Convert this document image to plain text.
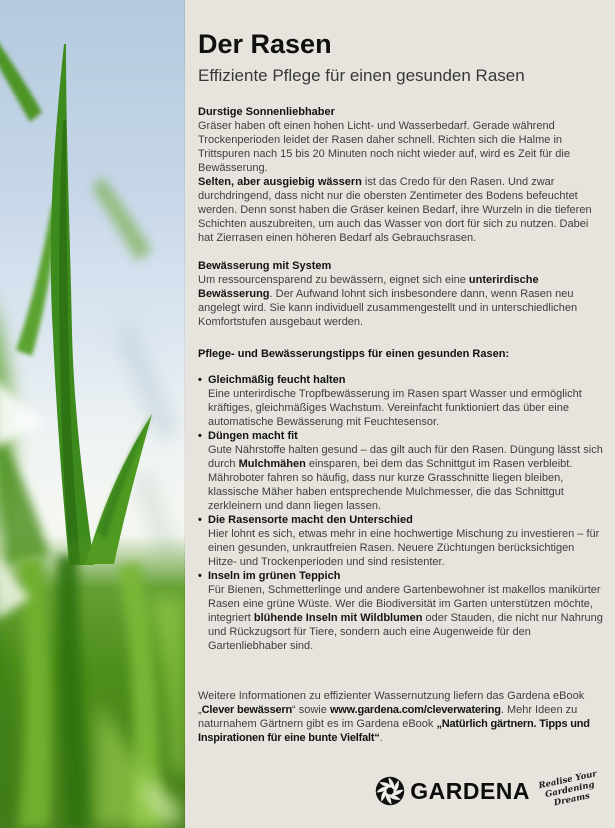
Der Rasen
Effiziente Pflege für einen gesunden Rasen
Durstige Sonnenliebhaber

Gräser haben oft einen hohen Licht- und Wasserbedarf. Gerade während Trockenperioden leidet der Rasen daher schnell. Richten sich die Halme in Trittspuren nach 15 bis 20 Minuten noch nicht wieder auf, wird es Zeit für die Bewässerung.

Selten, aber ausgiebig wässern ist das Credo für den Rasen. Und zwar durchdringend, dass nicht nur die obersten Zentimeter des Bodens befeuchtet werden. Denn sonst haben die Gräser keinen Bedarf, ihre Wurzeln in die tieferen Schichten auszubreiten, um auch das Wasser von dort für sich zu nutzen. Dabei hat Zierrasen einen höheren Bedarf als Gebrauchsrasen.

Bewässerung mit System

Um ressourcensparend zu bewässern, eignet sich eine unterirdische Bewässerung. Der Aufwand lohnt sich insbesondere dann, wenn Rasen neu angelegt wird. Sie kann individuell zusammengestellt und in unterschiedlichen Komfortstufen ausgebaut werden.

Pflege- und Bewässerungstipps für einen gesunden Rasen:
• Gleichmäßig feucht halten
Eine unterirdische Tropfbewässerung im Rasen spart Wasser und ermöglicht kräftiges, gleichmäßiges Wachstum. Vereinfacht funktioniert das über eine automatische Bewässerung mit Feuchtesensor.
• Düngen macht fit
Gute Nährstoffe halten gesund – das gilt auch für den Rasen. Düngung lässt sich durch Mulchmähen einsparen, bei dem das Schnittgut im Rasen verbleibt. Mähroboter fahren so häufig, dass nur kurze Grasschnitte liegen bleiben, klassische Mäher haben entsprechende Mulchmesser, die das Schnittgut zerkleinern und dann liegen lassen.
• Die Rasensorte macht den Unterschied
Hier lohnt es sich, etwas mehr in eine hochwertige Mischung zu investieren – für einen gesunden, unkrautfreien Rasen. Neuere Züchtungen berücksichtigen Hitze- und Trockenperioden und sind resistenter.
• Inseln im grünen Teppich
Für Bienen, Schmetterlinge und andere Gartenbewohner ist makellos manikürter Rasen eine grüne Wüste. Wer die Biodiversität im Garten unterstützen möchte, integriert blühende Inseln mit Wildblumen oder Stauden, die nicht nur Nahrung und Rückzugsort für Tiere, sondern auch eine Augenweide für den Gartenliebhaber sind.

Weitere Informationen zu effizienter Wassernutzung liefern das Gardena eBook „Clever bewässern“ sowie www.gardena.com/cleverwatering. Mehr Ideen zu naturnahem Gärtnern gibt es im Gardena eBook „Natürlich gärtnern. Tipps und Inspirationen für eine bunte Vielfalt“.

GARDENA Realise Your Gardening Dreams
